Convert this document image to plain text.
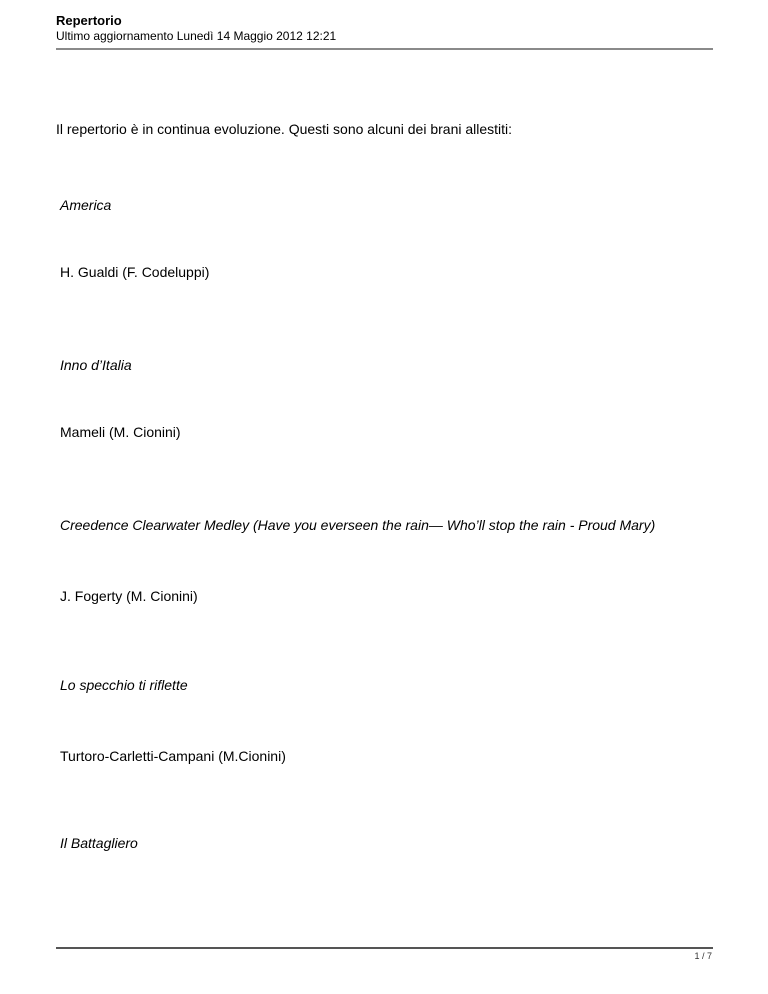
Repertorio
Ultimo aggiornamento Lunedì 14 Maggio 2012 12:21
Il repertorio è in continua evoluzione. Questi sono alcuni dei brani allestiti:
America
H. Gualdi (F. Codeluppi)
Inno d’Italia
Mameli (M. Cionini)
Creedence Clearwater Medley (Have you everseen the rain— Who’ll stop the rain - Proud Mary)
J. Fogerty (M. Cionini)
Lo specchio ti riflette
Turtoro-Carletti-Campani (M.Cionini)
Il Battagliero
1 / 7
